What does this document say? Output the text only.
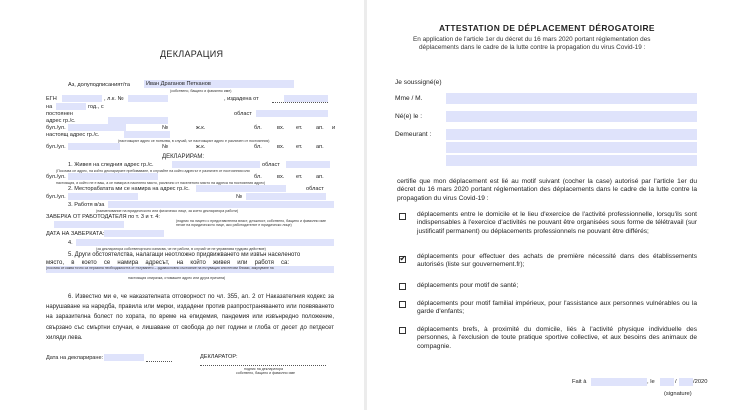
ДЕКЛАРАЦИЯ
Аз, долуподписаният/та	Иван Драганов Петканов
(собствено, бащино и фамилно име)
ЕГН	, л.к. №	, издадена от
на	год., с
постоянен
адрес гр./с.
област
бул./ул.	№	ж.к.	бл.	вх. ет. ап. и
настоящ адрес гр./с.
(настоящият адрес се попълва, в случай, че настоящият адрес е различен от постоянния)
бул./ул.	№	ж.к.	бл.	вх. ет. ап.
ДЕКЛАРИРАМ:
1. Живея на следния адрес гр./с.	област
(Посочва се адрес, на който декларирате пребиваване, в случайте на който адресът е различен от постоянния или
бул./ул.	бл.	вх. ет. ап.
настоящия, и който не е ваш, а се намира в населено място, различно от населеното място на адреса на постоянния адрес)
2. Месторабатата ми се намира на адрес гр./с.	област
бул./ул.	№
3. Работя в/за
(наименование на юридическото или физическо лице, за което декларатора работи)
ЗАВЕРКА ОТ РАБОТОДАТЕЛЯ по т. 3 и т. 4:
(подпис на лицето с представителна власт, длъжност, собствено, бащино и фамилно име
печат на юридическото лице, ако работодателят е юридическо лице)
ДАТА НА ЗАВЕРКАТА:
4.
(за декларатора собственоръчно изписва, че не работи, в случай че не управлява трудово действие)
5. Други обстоятелства, налагащи неотложно придвижването ми извън населеното
място, в което се намира адресът, на който живея или работя са:
(посочва се каква точно са неразяна необходимостта от пътуването – здравословно състояние на пътуващия или негови близки, закупуване на
настоящия спирачка, стомашен адрес или друга причина)
6. Известно ми е, че наказателната отговорност по чл. 355, ал. 2 от Наказателния кодекс за нарушаване на наредба, правила или мерки, издадени против разпространяването или появяването на заразителна болест по хората, по време на епидемия, пандемия или извънредно положение, свързано със смъртни случаи, е лишаване от свобода до пет години и глоба от десет до петдесет хиляди лева.
Дата на деклариране:	ДЕКЛАРАТОР:
подпис на декларатора
собствено, бащино и фамилно име
ATTESTATION DE DÉPLACEMENT DÉROGATOIRE
En application de l'article 1er du décret du 16 mars 2020 portant réglementation des
déplacements dans le cadre de la lutte contre la propagation du virus Covid-19 :
Je soussigné(e)
Mme / M.
Né(e) le :
Demeurant :
certifie que mon déplacement est lié au motif suivant (cocher la case) autorisé par l'article 1er du décret du 16 mars 2020 portant réglementation des déplacements dans le cadre de la lutte contre la propagation du virus Covid-19 :
déplacements entre le domicile et le lieu d'exercice de l'activité professionnelle, lorsqu'ils sont indispensables à l'exercice d'activités ne pouvant être organisées sous forme de télétravail (sur justificatif permanent) ou déplacements professionnels ne pouvant être différés;
✔
déplacements pour effectuer des achats de première nécessité dans des établissements autorisés (liste sur gouvernement.fr);
déplacements pour motif de santé;
déplacements pour motif familial impérieux, pour l'assistance aux personnes vulnérables ou la garde d'enfants;
déplacements brefs, à proximité du domicile, liés à l'activité physique individuelle des personnes, à l'exclusion de toute pratique sportive collective, et aux besoins des animaux de compagnie.
Fait à	, le	/	/2020
(signature)
